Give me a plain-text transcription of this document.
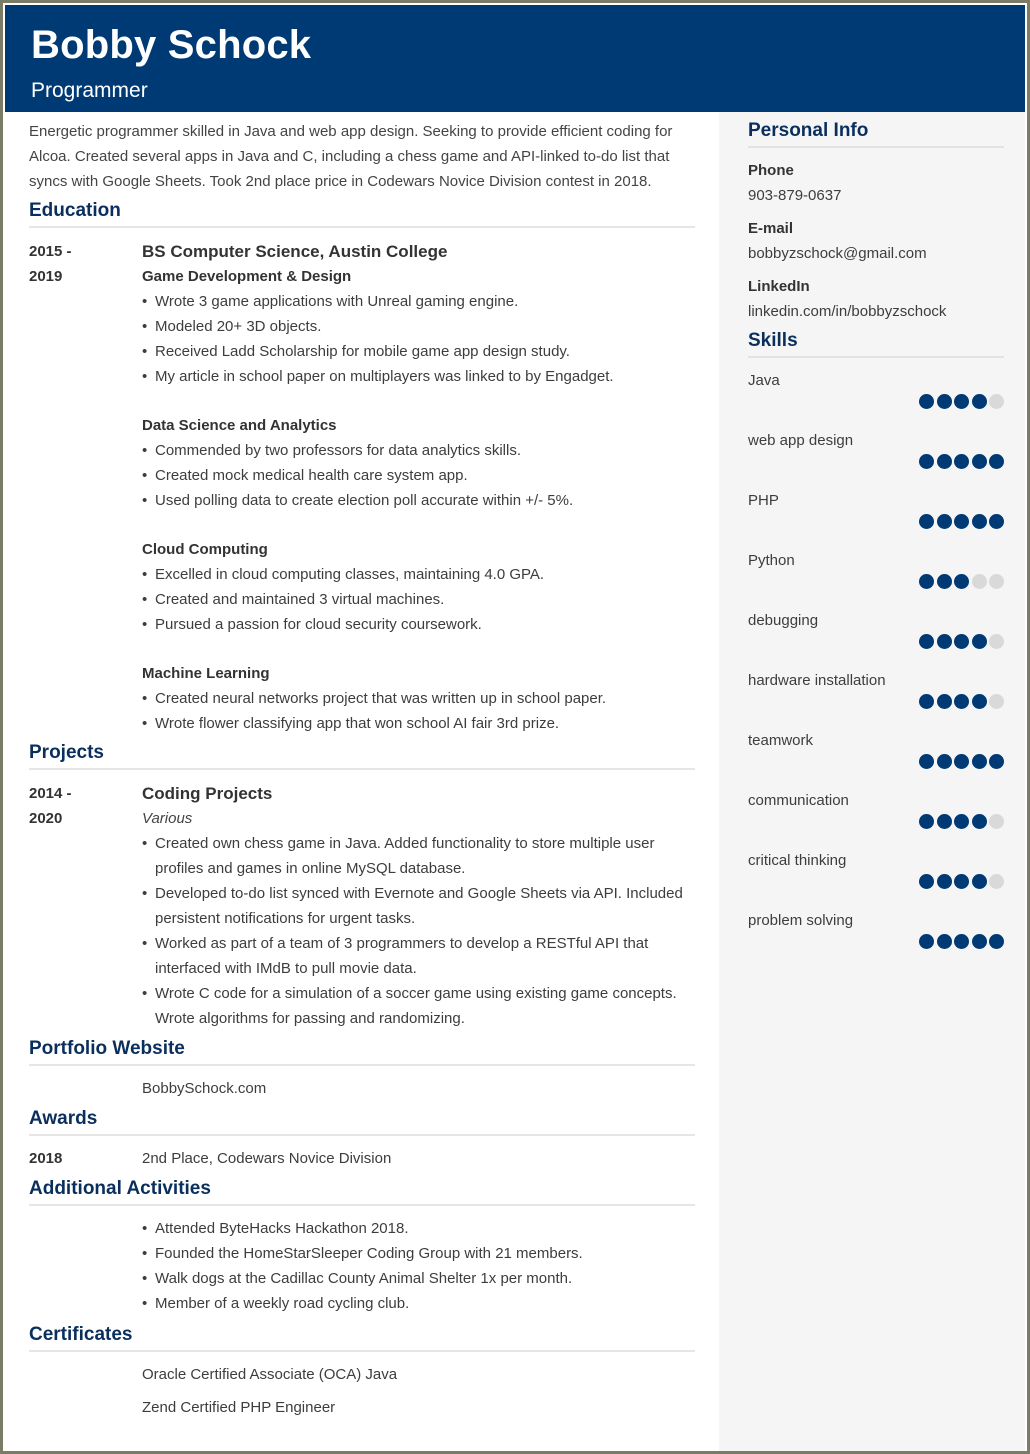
Bobby Schock
Programmer

Energetic programmer skilled in Java and web app design. Seeking to provide efficient coding for Alcoa. Created several apps in Java and C, including a chess game and API-linked to-do list that syncs with Google Sheets. Took 2nd place price in Codewars Novice Division contest in 2018.

Education
2015 -
2019
BS Computer Science, Austin College
Game Development & Design
• Wrote 3 game applications with Unreal gaming engine.
• Modeled 20+ 3D objects.
• Received Ladd Scholarship for mobile game app design study.
• My article in school paper on multiplayers was linked to by Engadget.
Data Science and Analytics
• Commended by two professors for data analytics skills.
• Created mock medical health care system app.
• Used polling data to create election poll accurate within +/- 5%.
Cloud Computing
• Excelled in cloud computing classes, maintaining 4.0 GPA.
• Created and maintained 3 virtual machines.
• Pursued a passion for cloud security coursework.
Machine Learning
• Created neural networks project that was written up in school paper.
• Wrote flower classifying app that won school AI fair 3rd prize.
Projects
2014 -
2020
Coding Projects
Various
• Created own chess game in Java. Added functionality to store multiple user profiles and games in online MySQL database.
• Developed to-do list synced with Evernote and Google Sheets via API. Included persistent notifications for urgent tasks.
• Worked as part of a team of 3 programmers to develop a RESTful API that interfaced with IMdB to pull movie data.
• Wrote C code for a simulation of a soccer game using existing game concepts. Wrote algorithms for passing and randomizing.
Portfolio Website
BobbySchock.com
Awards
2018	2nd Place, Codewars Novice Division
Additional Activities
• Attended ByteHacks Hackathon 2018.
• Founded the HomeStarSleeper Coding Group with 21 members.
• Walk dogs at the Cadillac County Animal Shelter 1x per month.
• Member of a weekly road cycling club.
Certificates
Oracle Certified Associate (OCA) Java
Zend Certified PHP Engineer
Personal Info
Phone
903-879-0637
E-mail
bobbyzschock@gmail.com
LinkedIn
linkedin.com/in/bobbyzschock
Skills
Java
web app design
PHP
Python
debugging
hardware installation
teamwork
communication
critical thinking
problem solving
